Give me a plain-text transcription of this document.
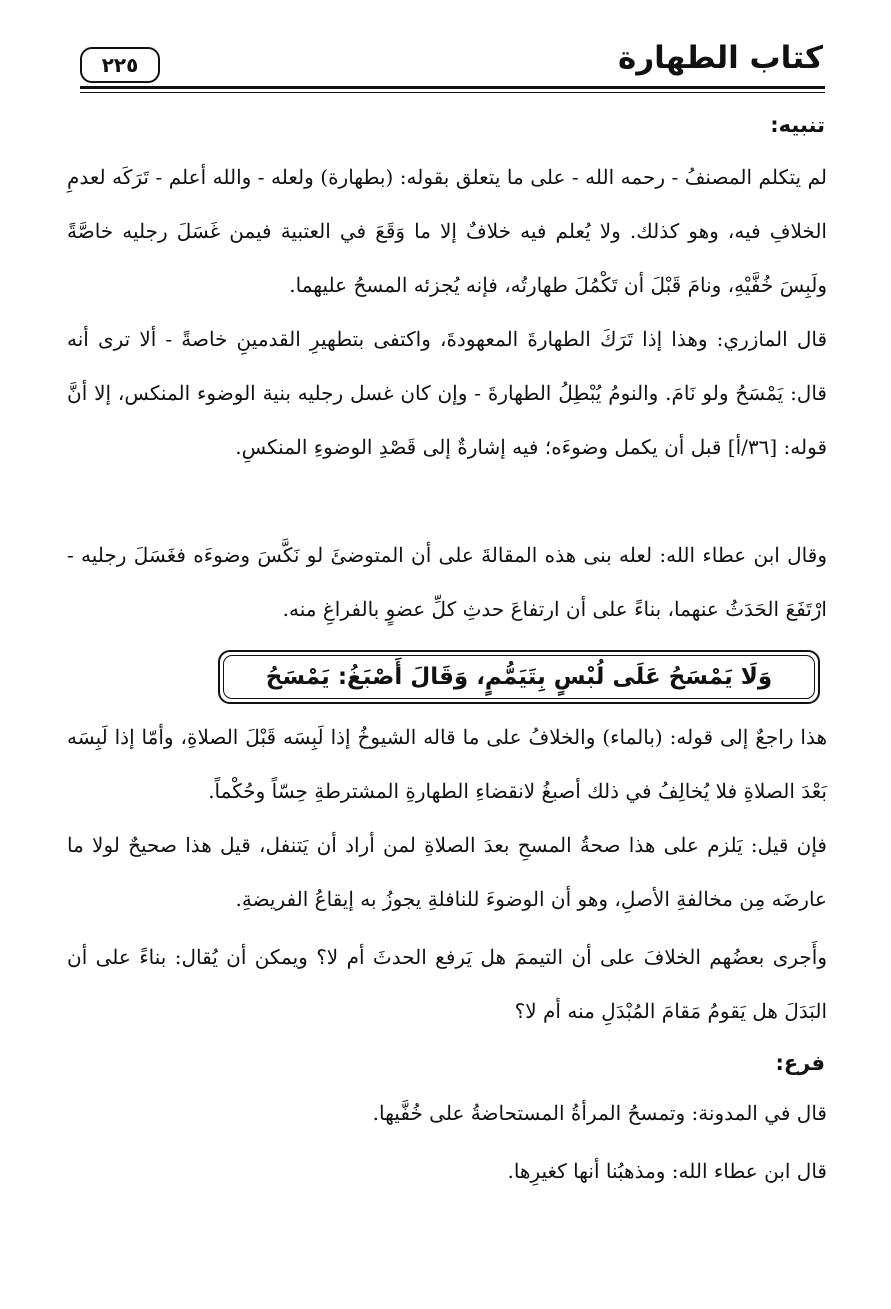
كتاب الطهارة
٢٢٥
تنبيه:
لم يتكلم المصنفُ - رحمه الله - على ما يتعلق بقوله: (بطهارة) ولعله - والله أعلم - تَرَكَه لعدمِ الخلافِ فيه، وهو كذلك. ولا يُعلم فيه خلافٌ إلا ما وَقَعَ في العتبية فيمن غَسَلَ رجليه خاصَّةً ولَبِسَ خُفَّيْهِ، ونامَ قَبْلَ أن تَكْمُلَ طهارتُه، فإنه يُجزئه المسحُ عليهما.
قال المازري: وهذا إذا تَرَكَ الطهارةَ المعهودةَ، واكتفى بتطهيرِ القدمينِ خاصةً - ألا ترى أنه قال: يَمْسَحُ ولو نَامَ. والنومُ يُبْطِلُ الطهارةَ - وإن كان غسل رجليه بنية الوضوء المنكس، إلا أنَّ قوله: [٣٦/أ] قبل أن يكمل وضوءَه؛ فيه إشارةٌ إلى قَصْدِ الوضوءِ المنكسِ.
وقال ابن عطاء الله: لعله بنى هذه المقالةَ على أن المتوضئَ لو نَكَّسَ وضوءَه فغَسَلَ رجليه - ارْتَفَعَ الحَدَثُ عنهما، بناءً على أن ارتفاعَ حدثِ كلِّ عضوٍ بالفراغِ منه.
وَلَا يَمْسَحُ عَلَى لُبْسٍ بِتَيَمُّمٍ، وَقَالَ أَصْبَغُ: يَمْسَحُ
هذا راجعٌ إلى قوله: (بالماء) والخلافُ على ما قاله الشيوخُ إذا لَبِسَه قَبْلَ الصلاةِ، وأمّا إذا لَبِسَه بَعْدَ الصلاةِ فلا يُخالِفُ في ذلك أصبغُ لانقضاءِ الطهارةِ المشترطةِ حِسّاً وحُكْماً.
فإن قيل: يَلزم على هذا صحةُ المسحِ بعدَ الصلاةِ لمن أراد أن يَتنفل، قيل هذا صحيحٌ لولا ما عارضَه مِن مخالفةِ الأصلِ، وهو أن الوضوءَ للنافلةِ يجوزُ به إيقاعُ الفريضةِ.
وأَجرى بعضُهم الخلافَ على أن التيممَ هل يَرفع الحدثَ أم لا؟ ويمكن أن يُقال: بناءً على أن البَدَلَ هل يَقومُ مَقامَ المُبْدَلِ منه أم لا؟
فرع:
قال في المدونة: وتمسحُ المرأةُ المستحاضةُ على خُفَّيها.
قال ابن عطاء الله: ومذهبُنا أنها كغيرِها.
